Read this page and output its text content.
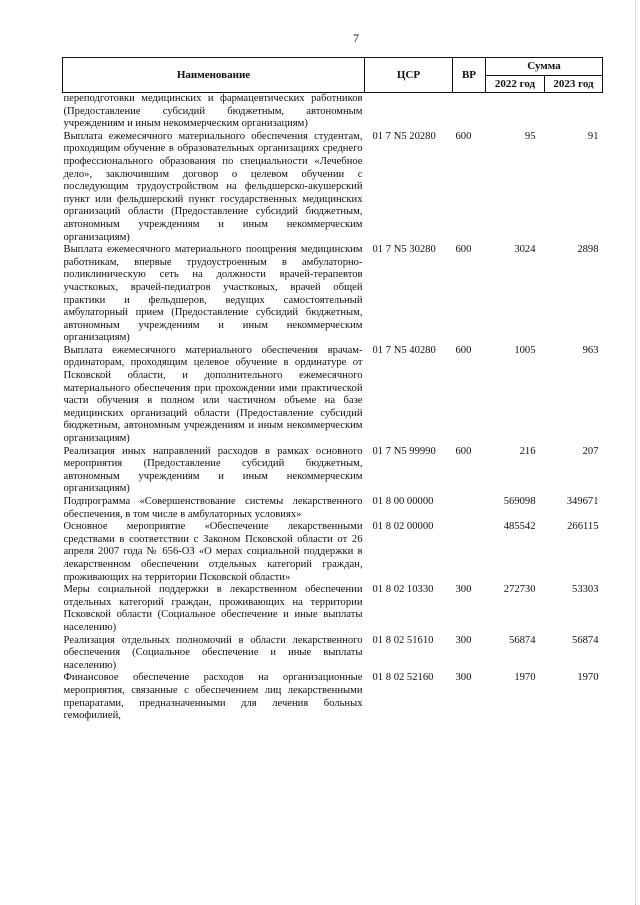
7
Наименование	ЦСР	ВР	Сумма	
			2022 год	2023 год
переподготовки медицинских и фармацевтических работников (Предоставление субсидий бюджетным, автономным учреждениям и иным некоммерческим организациям)				
Выплата ежемесячного материального обеспечения студентам, проходящим обучение в образовательных организациях среднего профессионального образования по специальности «Лечебное дело», заключившим договор о целевом обучении с последующим трудоустройством на фельдшерско-акушерский пункт или фельдшерский пункт государственных медицинских организаций области (Предоставление субсидий бюджетным, автономным учреждениям и иным некоммерческим организациям)	01 7 N5 20280	600	95	91
Выплата ежемесячного материального поощрения медицинским работникам, впервые трудоустроенным в амбулаторно-поликлиническую сеть на должности врачей-терапевтов участковых, врачей-педиатров участковых, врачей общей практики и фельдшеров, ведущих самостоятельный амбулаторный прием (Предоставление субсидий бюджетным, автономным учреждениям и иным некоммерческим организациям)	01 7 N5 30280	600	3024	2898
Выплата ежемесячного материального обеспечения врачам-ординаторам, проходящим целевое обучение в ординатуре от Псковской области, и дополнительного ежемесячного материального обеспечения при прохождении ими практической части обучения в полном или частичном объеме на базе медицинских организаций области (Предоставление субсидий бюджетным, автономным учреждениям и иным некоммерческим организациям)	01 7 N5 40280	600	1005	963
Реализация иных направлений расходов в рамках основного мероприятия (Предоставление субсидий бюджетным, автономным учреждениям и иным некоммерческим организациям)	01 7 N5 99990	600	216	207
Подпрограмма «Совершенствование системы лекарственного обеспечения, в том числе в амбулаторных условиях»	01 8 00 00000		569098	349671
Основное мероприятие «Обеспечение лекарственными средствами в соответствии с Законом Псковской области от 26 апреля 2007 года № 656-ОЗ «О мерах социальной поддержки в лекарственном обеспечении отдельных категорий граждан, проживающих на территории Псковской области»	01 8 02 00000		485542	266115
Меры социальной поддержки в лекарственном обеспечении отдельных категорий граждан, проживающих на территории Псковской области (Социальное обеспечение и иные выплаты населению)	01 8 02 10330	300	272730	53303
Реализация отдельных полномочий в области лекарственного обеспечения (Социальное обеспечение и иные выплаты населению)	01 8 02 51610	300	56874	56874
Финансовое обеспечение расходов на организационные мероприятия, связанные с обеспечением лиц лекарственными препаратами, предназначенными для лечения больных гемофилией,	01 8 02 52160	300	1970	1970
